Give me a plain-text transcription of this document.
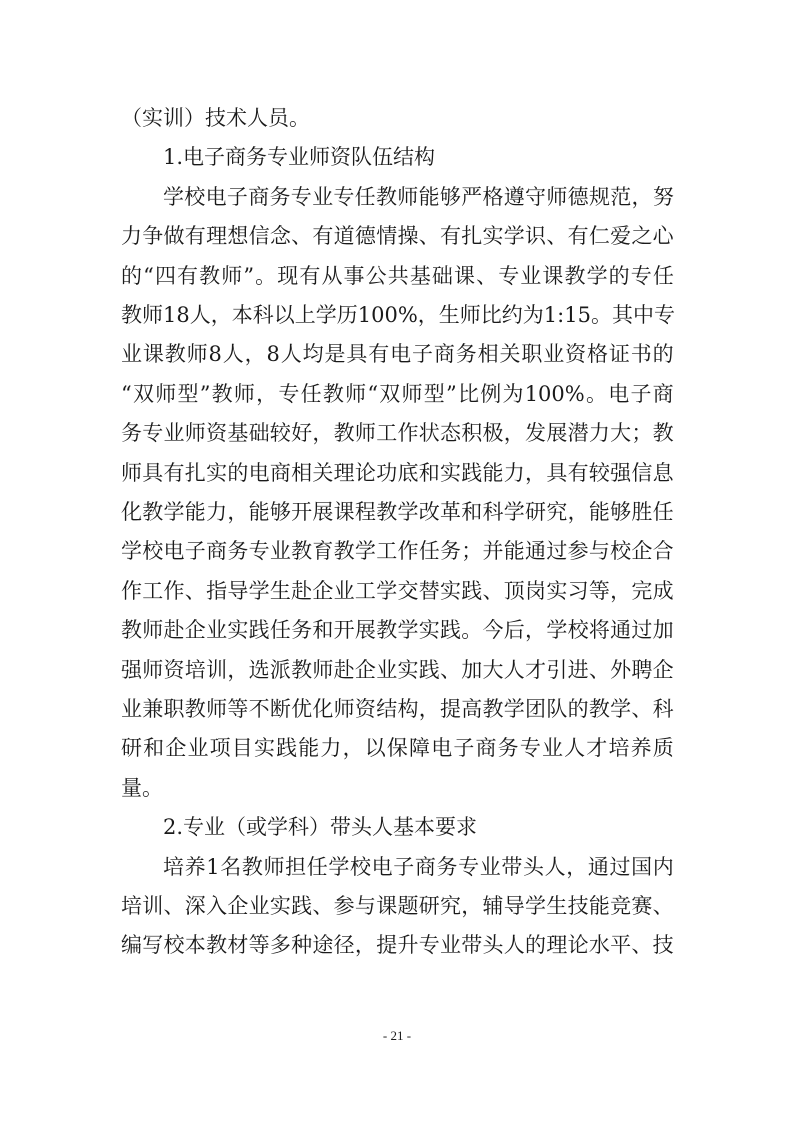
（实训）技术人员。
1.电子商务专业师资队伍结构
学 校 电 子 商 务 专 业 专 任 教 师 能 够 严 格 遵 守 师 德 规 范 ， 努
力 争 做 有 理 想 信 念 、 有 道 德 情 操 、 有 扎 实 学 识 、 有 仁 爱 之 心
的 “ 四 有 教 师 ” 。 现 有 从 事 公 共 基 础 课 、 专 业 课 教 学 的 专 任
教 师 18 人 ， 本 科 以 上 学 历 100% ， 生 师 比 约 为 1:15 。 其 中 专
业 课 教 师 8 人 ， 8 人 均 是 具 有 电 子 商 务 相 关 职 业 资 格 证 书 的
“ 双 师 型 ” 教 师 ， 专 任 教 师 “ 双 师 型 ” 比 例 为 100% 。 电 子 商
务 专 业 师 资 基 础 较 好 ， 教 师 工 作 状 态 积 极 ， 发 展 潜 力 大 ； 教
师 具 有 扎 实 的 电 商 相 关 理 论 功 底 和 实 践 能 力 ， 具 有 较 强 信 息
化 教 学 能 力 ， 能 够 开 展 课 程 教 学 改 革 和 科 学 研 究 ， 能 够 胜 任
学 校 电 子 商 务 专 业 教 育 教 学 工 作 任 务 ； 并 能 通 过 参 与 校 企 合
作 工 作 、 指 导 学 生 赴 企 业 工 学 交 替 实 践 、 顶 岗 实 习 等 ， 完 成
教 师 赴 企 业 实 践 任 务 和 开 展 教 学 实 践 。 今 后 ， 学 校 将 通 过 加
强 师 资 培 训 ， 选 派 教 师 赴 企 业 实 践 、 加 大 人 才 引 进 、 外 聘 企
业 兼 职 教 师 等 不 断 优 化 师 资 结 构 ， 提 高 教 学 团 队 的 教 学 、 科
研 和 企 业 项 目 实 践 能 力 ， 以 保 障 电 子 商 务 专 业 人 才 培 养 质
量。
2.专业（或学科）带头人基本要求
培 养 1 名 教 师 担 任 学 校 电 子 商 务 专 业 带 头 人 ， 通 过 国 内
培 训 、 深 入 企 业 实 践 、 参 与 课 题 研 究 ， 辅 导 学 生 技 能 竞 赛 、
编 写 校 本 教 材 等 多 种 途 径 ， 提 升 专 业 带 头 人 的 理 论 水 平 、 技
- 21 -
